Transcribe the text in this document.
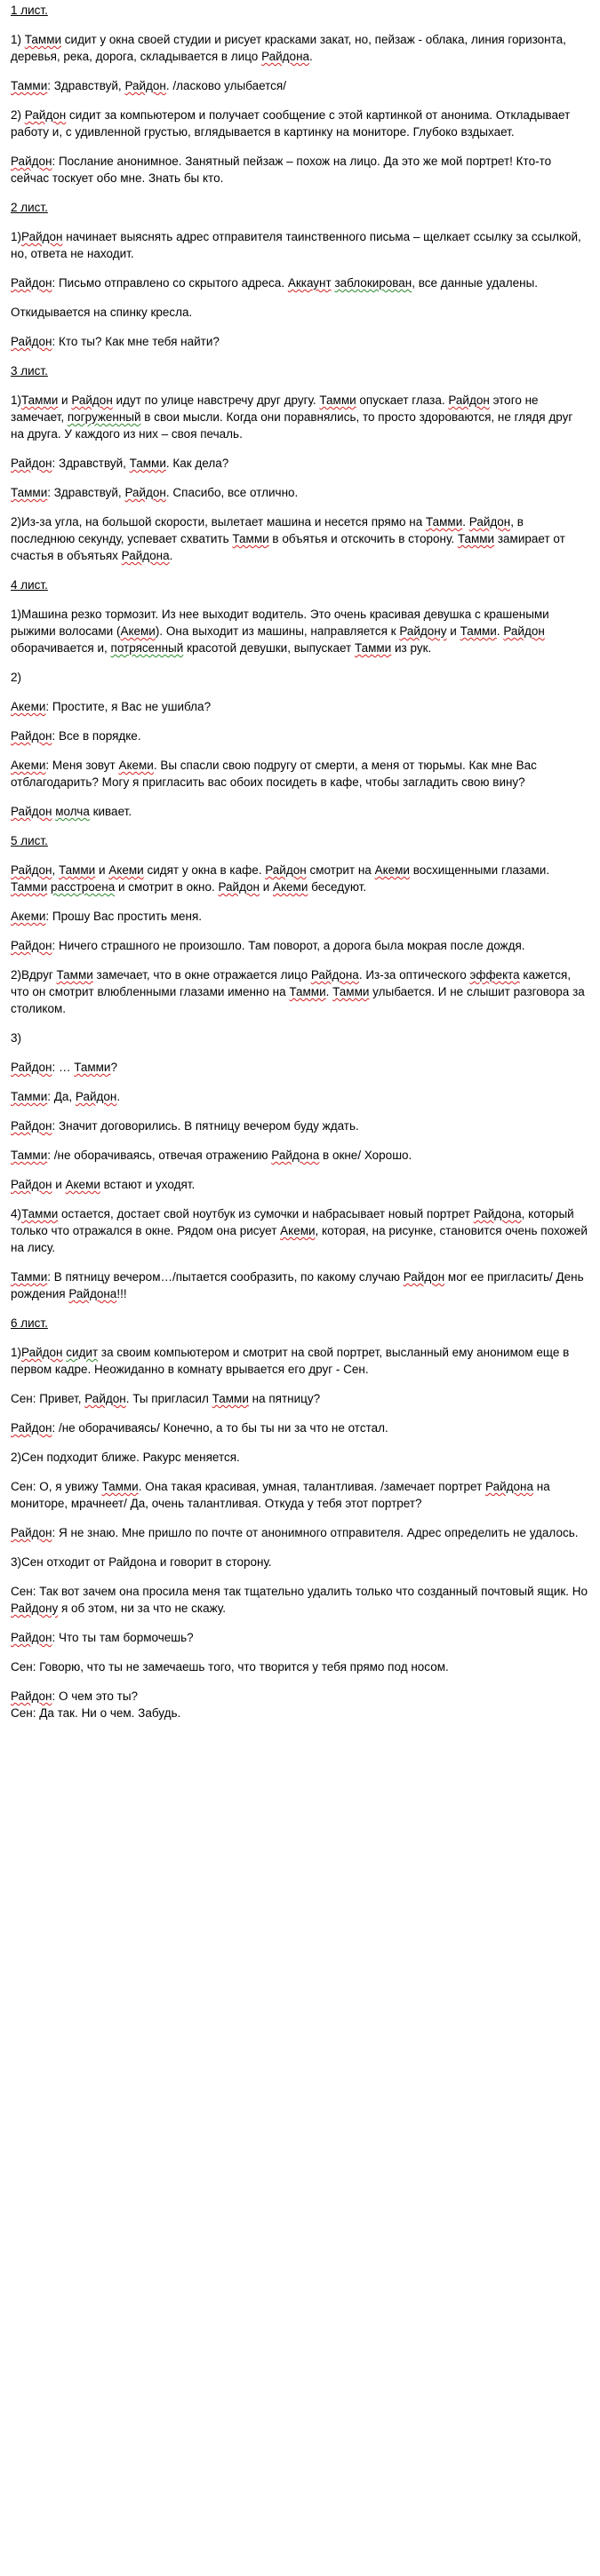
1 лист.
1) Тамми сидит у окна своей студии и рисует красками закат, но, пейзаж - облака, линия горизонта, деревья, река, дорога, складывается в лицо Райдона.
Тамми: Здравствуй, Райдон. /ласково улыбается/
2) Райдон сидит за компьютером и получает сообщение с этой картинкой от анонима. Откладывает работу и, с удивленной грустью, вглядывается в картинку на мониторе. Глубоко вздыхает.
Райдон: Послание анонимное. Занятный пейзаж – похож на лицо. Да это же мой портрет! Кто-то сейчас тоскует обо мне. Знать бы кто.
2 лист.
1)Райдон начинает выяснять адрес отправителя таинственного письма – щелкает ссылку за ссылкой, но, ответа не находит.
Райдон: Письмо отправлено со скрытого адреса. Аккаунт заблокирован, все данные удалены.
Откидывается на спинку кресла.
Райдон: Кто ты? Как мне тебя найти?
3 лист.
1)Тамми и Райдон идут по улице навстречу друг другу. Тамми опускает глаза. Райдон этого не замечает, погруженный в свои мысли. Когда они поравнялись, то просто здороваются, не глядя друг на друга. У каждого из них – своя печаль.
Райдон: Здравствуй, Тамми. Как дела?
Тамми: Здравствуй, Райдон. Спасибо, все отлично.
2)Из-за угла, на большой скорости, вылетает машина и несется прямо на Тамми. Райдон, в последнюю секунду, успевает схватить Тамми в объятья и отскочить в сторону. Тамми замирает от счастья в объятьях Райдона.
4 лист.
1)Машина резко тормозит. Из нее выходит водитель. Это очень красивая девушка с крашеными рыжими волосами (Акеми). Она выходит из машины, направляется к Райдону и Тамми. Райдон оборачивается и, потрясенный красотой девушки, выпускает Тамми из рук.
2)
Акеми: Простите, я Вас не ушибла?
Райдон: Все в порядке.
Акеми: Меня зовут Акеми. Вы спасли свою подругу от смерти, а меня от тюрьмы. Как мне Вас отблагодарить? Могу я пригласить вас обоих посидеть в кафе, чтобы загладить свою вину?
Райдон молча кивает.
5 лист.
Райдон, Тамми и Акеми сидят у окна в кафе. Райдон смотрит на Акеми восхищенными глазами. Тамми расстроена и смотрит в окно. Райдон и Акеми беседуют.
Акеми: Прошу Вас простить меня.
Райдон: Ничего страшного не произошло. Там поворот, а дорога была мокрая после дождя.
2)Вдруг Тамми замечает, что в окне отражается лицо Райдона. Из-за оптического эффекта кажется, что он смотрит влюбленными глазами именно на Тамми. Тамми улыбается. И не слышит разговора за столиком.
3)
Райдон: … Тамми?
Тамми: Да, Райдон.
Райдон: Значит договорились. В пятницу вечером буду ждать.
Тамми: /не оборачиваясь, отвечая отражению Райдона в окне/ Хорошо.
Райдон и Акеми встают и уходят.
4)Тамми остается, достает свой ноутбук из сумочки и набрасывает новый портрет Райдона, который только что отражался в окне. Рядом она рисует Акеми, которая, на рисунке, становится очень похожей на лису.
Тамми: В пятницу вечером…/пытается сообразить, по какому случаю Райдон мог ее пригласить/ День рождения Райдона!!!
6 лист.
1)Райдон сидит за своим компьютером и смотрит на свой портрет, высланный ему анонимом еще в первом кадре. Неожиданно в комнату врывается его друг - Сен.
Сен: Привет, Райдон. Ты пригласил Тамми на пятницу?
Райдон: /не оборачиваясь/ Конечно, а то бы ты ни за что не отстал.
2)Сен подходит ближе. Ракурс меняется.
Сен: О, я увижу Тамми. Она такая красивая, умная, талантливая. /замечает портрет Райдона на мониторе, мрачнеет/ Да, очень талантливая. Откуда у тебя этот портрет?
Райдон: Я не знаю. Мне пришло по почте от анонимного отправителя. Адрес определить не удалось.
3)Сен отходит от Райдона и говорит в сторону.
Сен: Так вот зачем она просила меня так тщательно удалить только что созданный почтовый ящик. Но Райдону я об этом, ни за что не скажу.
Райдон: Что ты там бормочешь?
Сен: Говорю, что ты не замечаешь того, что творится у тебя прямо под носом.
Райдон: О чем это ты?
Сен: Да так. Ни о чем. Забудь.
